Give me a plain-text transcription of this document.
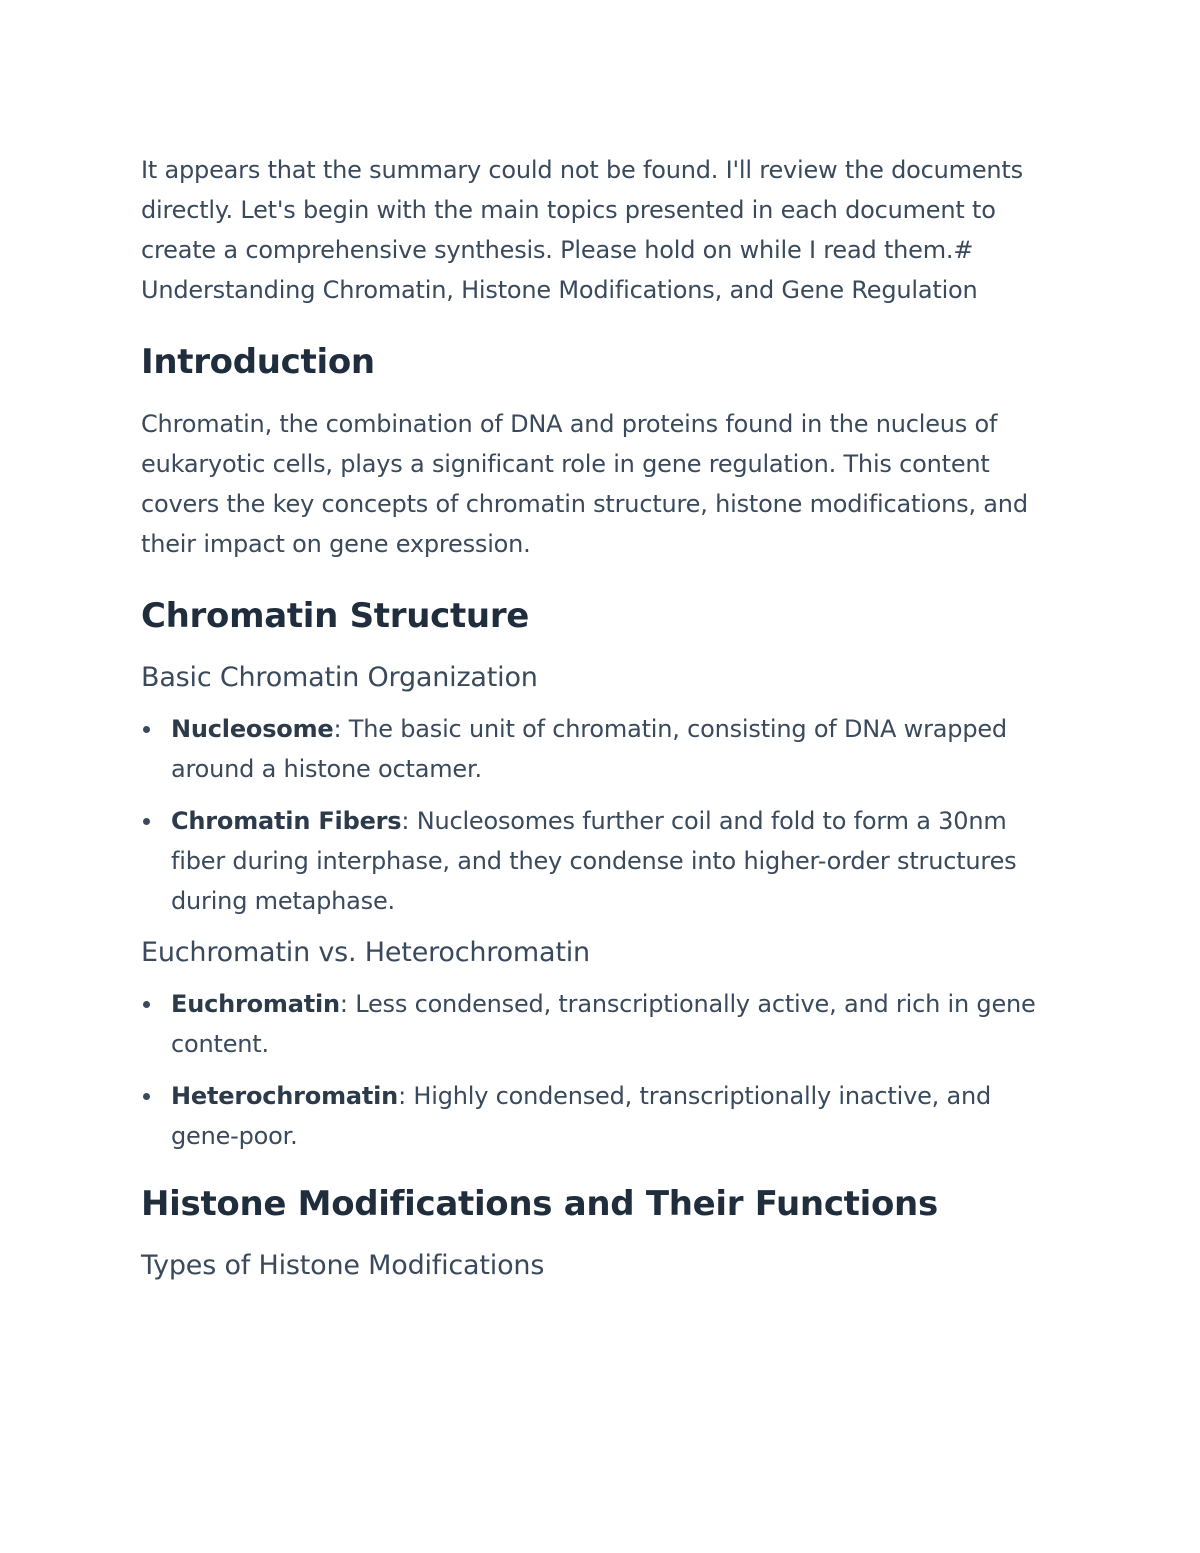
It appears that the summary could not be found. I'll review the documents directly. Let's begin with the main topics presented in each document to create a comprehensive synthesis. Please hold on while I read them.# Understanding Chromatin, Histone Modifications, and Gene Regulation

Introduction

Chromatin, the combination of DNA and proteins found in the nucleus of eukaryotic cells, plays a significant role in gene regulation. This content covers the key concepts of chromatin structure, histone modifications, and their impact on gene expression.

Chromatin Structure
Basic Chromatin Organization
Nucleosome: The basic unit of chromatin, consisting of DNA wrapped around a histone octamer.
Chromatin Fibers: Nucleosomes further coil and fold to form a 30nm fiber during interphase, and they condense into higher-order structures during metaphase.
Euchromatin vs. Heterochromatin
Euchromatin: Less condensed, transcriptionally active, and rich in gene content.
Heterochromatin: Highly condensed, transcriptionally inactive, and gene-poor.
Histone Modifications and Their Functions
Types of Histone Modifications
